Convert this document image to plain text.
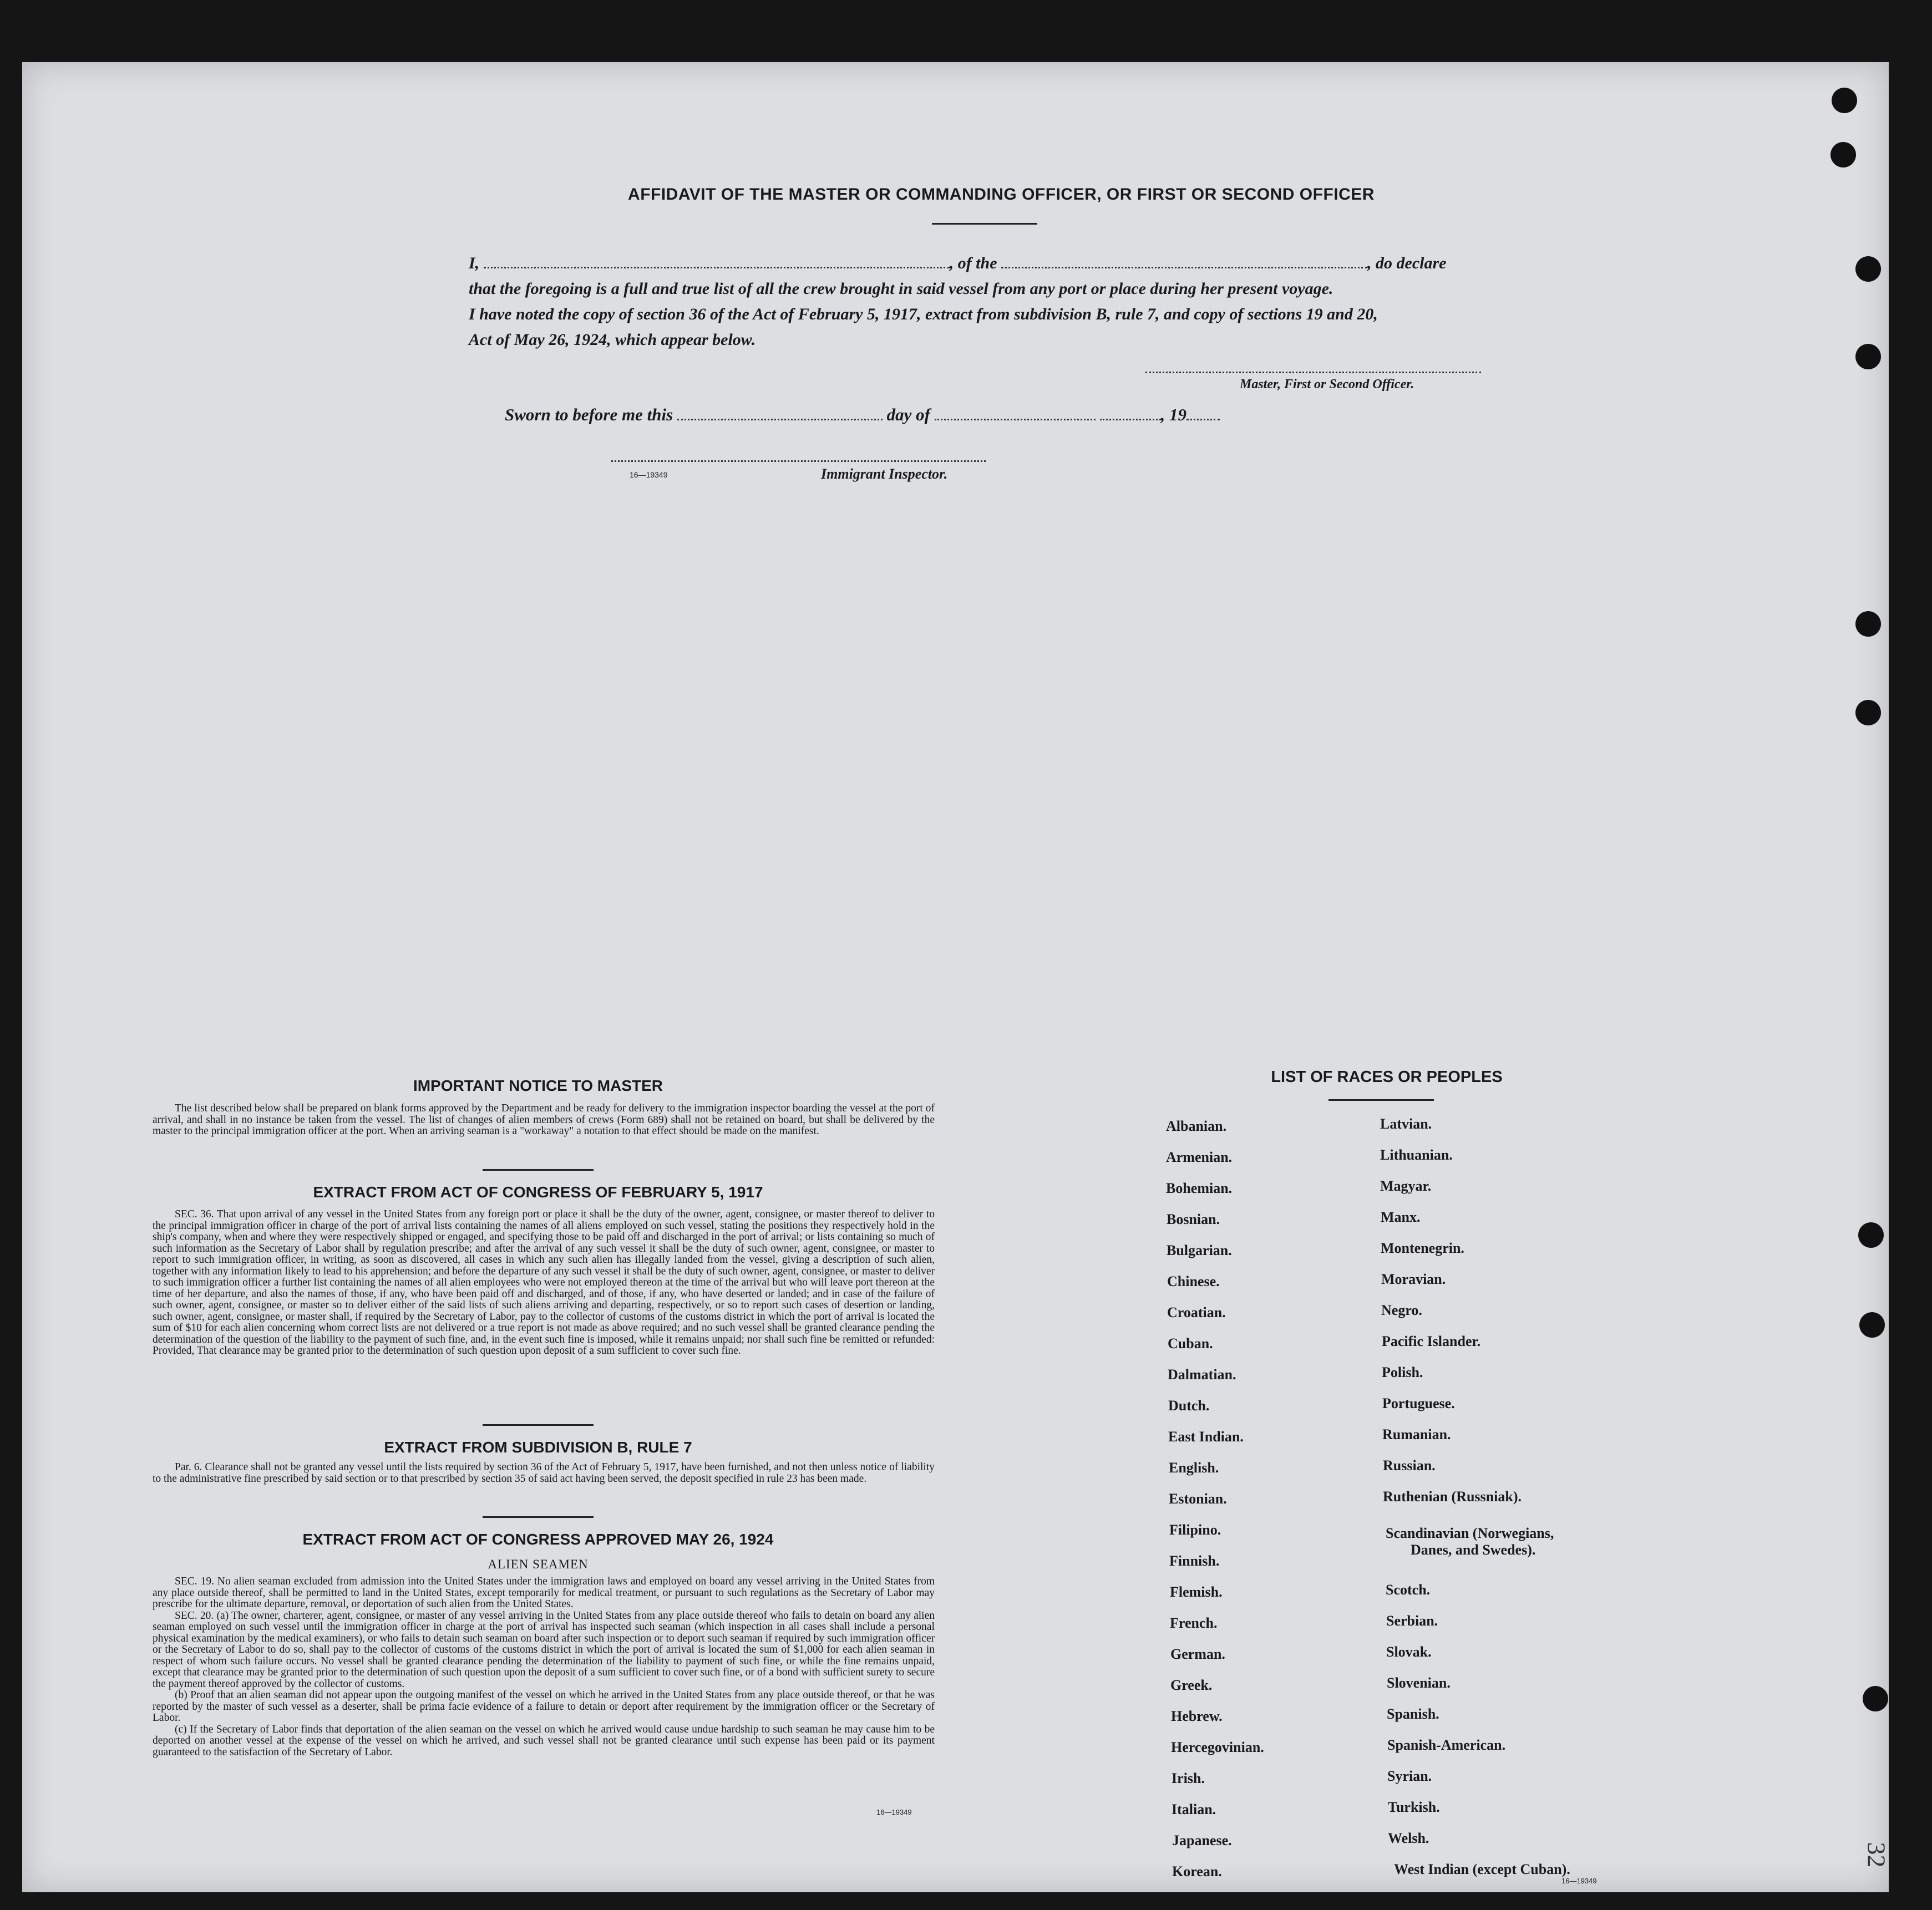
AFFIDAVIT OF THE MASTER OR COMMANDING OFFICER, OR FIRST OR SECOND OFFICER
I,	, of the	, do declare
that the foregoing is a full and true list of all the crew brought in said vessel from any port or place during her present voyage.
I have noted the copy of section 36 of the Act of February 5, 1917, extract from subdivision B, rule 7, and copy of sections 19 and 20,
Act of May 26, 1924, which appear below.
Master, First or Second Officer.
Sworn to before me this	day of	, 19
16—19349	Immigrant Inspector.
IMPORTANT NOTICE TO MASTER

The list described below shall be prepared on blank forms approved by the Department and be ready for delivery to the immigration inspector boarding the vessel at the port of arrival, and shall in no instance be taken from the vessel. The list of changes of alien members of crews (Form 689) shall not be retained on board, but shall be delivered by the master to the principal immigration officer at the port. When an arriving seaman is a "workaway" a notation to that effect should be made on the manifest.

EXTRACT FROM ACT OF CONGRESS OF FEBRUARY 5, 1917

SEC. 36. That upon arrival of any vessel in the United States from any foreign port or place it shall be the duty of the owner, agent, consignee, or master thereof to deliver to the principal immigration officer in charge of the port of arrival lists containing the names of all aliens employed on such vessel, stating the positions they respectively hold in the ship's company, when and where they were respectively shipped or engaged, and specifying those to be paid off and discharged in the port of arrival; or lists containing so much of such information as the Secretary of Labor shall by regulation prescribe; and after the arrival of any such vessel it shall be the duty of such owner, agent, consignee, or master to report to such immigration officer, in writing, as soon as discovered, all cases in which any such alien has illegally landed from the vessel, giving a description of such alien, together with any information likely to lead to his apprehension; and before the departure of any such vessel it shall be the duty of such owner, agent, consignee, or master to deliver to such immigration officer a further list containing the names of all alien employees who were not employed thereon at the time of the arrival but who will leave port thereon at the time of her departure, and also the names of those, if any, who have been paid off and discharged, and of those, if any, who have deserted or landed; and in case of the failure of such owner, agent, consignee, or master so to deliver either of the said lists of such aliens arriving and departing, respectively, or so to report such cases of desertion or landing, such owner, agent, consignee, or master shall, if required by the Secretary of Labor, pay to the collector of customs of the customs district in which the port of arrival is located the sum of $10 for each alien concerning whom correct lists are not delivered or a true report is not made as above required; and no such vessel shall be granted clearance pending the determination of the question of the liability to the payment of such fine, and, in the event such fine is imposed, while it remains unpaid; nor shall such fine be remitted or refunded: Provided, That clearance may be granted prior to the determination of such question upon deposit of a sum sufficient to cover such fine.

EXTRACT FROM SUBDIVISION B, RULE 7

Par. 6. Clearance shall not be granted any vessel until the lists required by section 36 of the Act of February 5, 1917, have been furnished, and not then unless notice of liability to the administrative fine prescribed by said section or to that prescribed by section 35 of said act having been served, the deposit specified in rule 23 has been made.

EXTRACT FROM ACT OF CONGRESS APPROVED MAY 26, 1924
ALIEN SEAMEN

SEC. 19. No alien seaman excluded from admission into the United States under the immigration laws and employed on board any vessel arriving in the United States from any place outside thereof, shall be permitted to land in the United States, except temporarily for medical treatment, or pursuant to such regulations as the Secretary of Labor may prescribe for the ultimate departure, removal, or deportation of such alien from the United States.

SEC. 20. (a) The owner, charterer, agent, consignee, or master of any vessel arriving in the United States from any place outside thereof who fails to detain on board any alien seaman employed on such vessel until the immigration officer in charge at the port of arrival has inspected such seaman (which inspection in all cases shall include a personal physical examination by the medical examiners), or who fails to detain such seaman on board after such inspection or to deport such seaman if required by such immigration officer or the Secretary of Labor to do so, shall pay to the collector of customs of the customs district in which the port of arrival is located the sum of $1,000 for each alien seaman in respect of whom such failure occurs. No vessel shall be granted clearance pending the determination of the liability to payment of such fine, or while the fine remains unpaid, except that clearance may be granted prior to the determination of such question upon the deposit of a sum sufficient to cover such fine, or of a bond with sufficient surety to secure the payment thereof approved by the collector of customs.

(b) Proof that an alien seaman did not appear upon the outgoing manifest of the vessel on which he arrived in the United States from any place outside thereof, or that he was reported by the master of such vessel as a deserter, shall be prima facie evidence of a failure to detain or deport after requirement by the immigration officer or the Secretary of Labor.

(c) If the Secretary of Labor finds that deportation of the alien seaman on the vessel on which he arrived would cause undue hardship to such seaman he may cause him to be deported on another vessel at the expense of the vessel on which he arrived, and such vessel shall not be granted clearance until such expense has been paid or its payment guaranteed to the satisfaction of the Secretary of Labor.

16—19349
LIST OF RACES OR PEOPLES
Albanian.
Armenian.
Bohemian.
Bosnian.
Bulgarian.
Chinese.
Croatian.
Cuban.
Dalmatian.
Dutch.
East Indian.
English.
Estonian.
Filipino.
Finnish.
Flemish.
French.
German.
Greek.
Hebrew.
Hercegovinian.
Irish.
Italian.
Japanese.
Korean.
Latvian.
Lithuanian.
Magyar.
Manx.
Montenegrin.
Moravian.
Negro.
Pacific Islander.
Polish.
Portuguese.
Rumanian.
Russian.
Ruthenian (Russniak).
Scandinavian (Norwegians,
Danes, and Swedes).
Scotch.
Serbian.
Slovak.
Slovenian.
Spanish.
Spanish-American.
Syrian.
Turkish.
Welsh.
West Indian (except Cuban).
16—19349
32
